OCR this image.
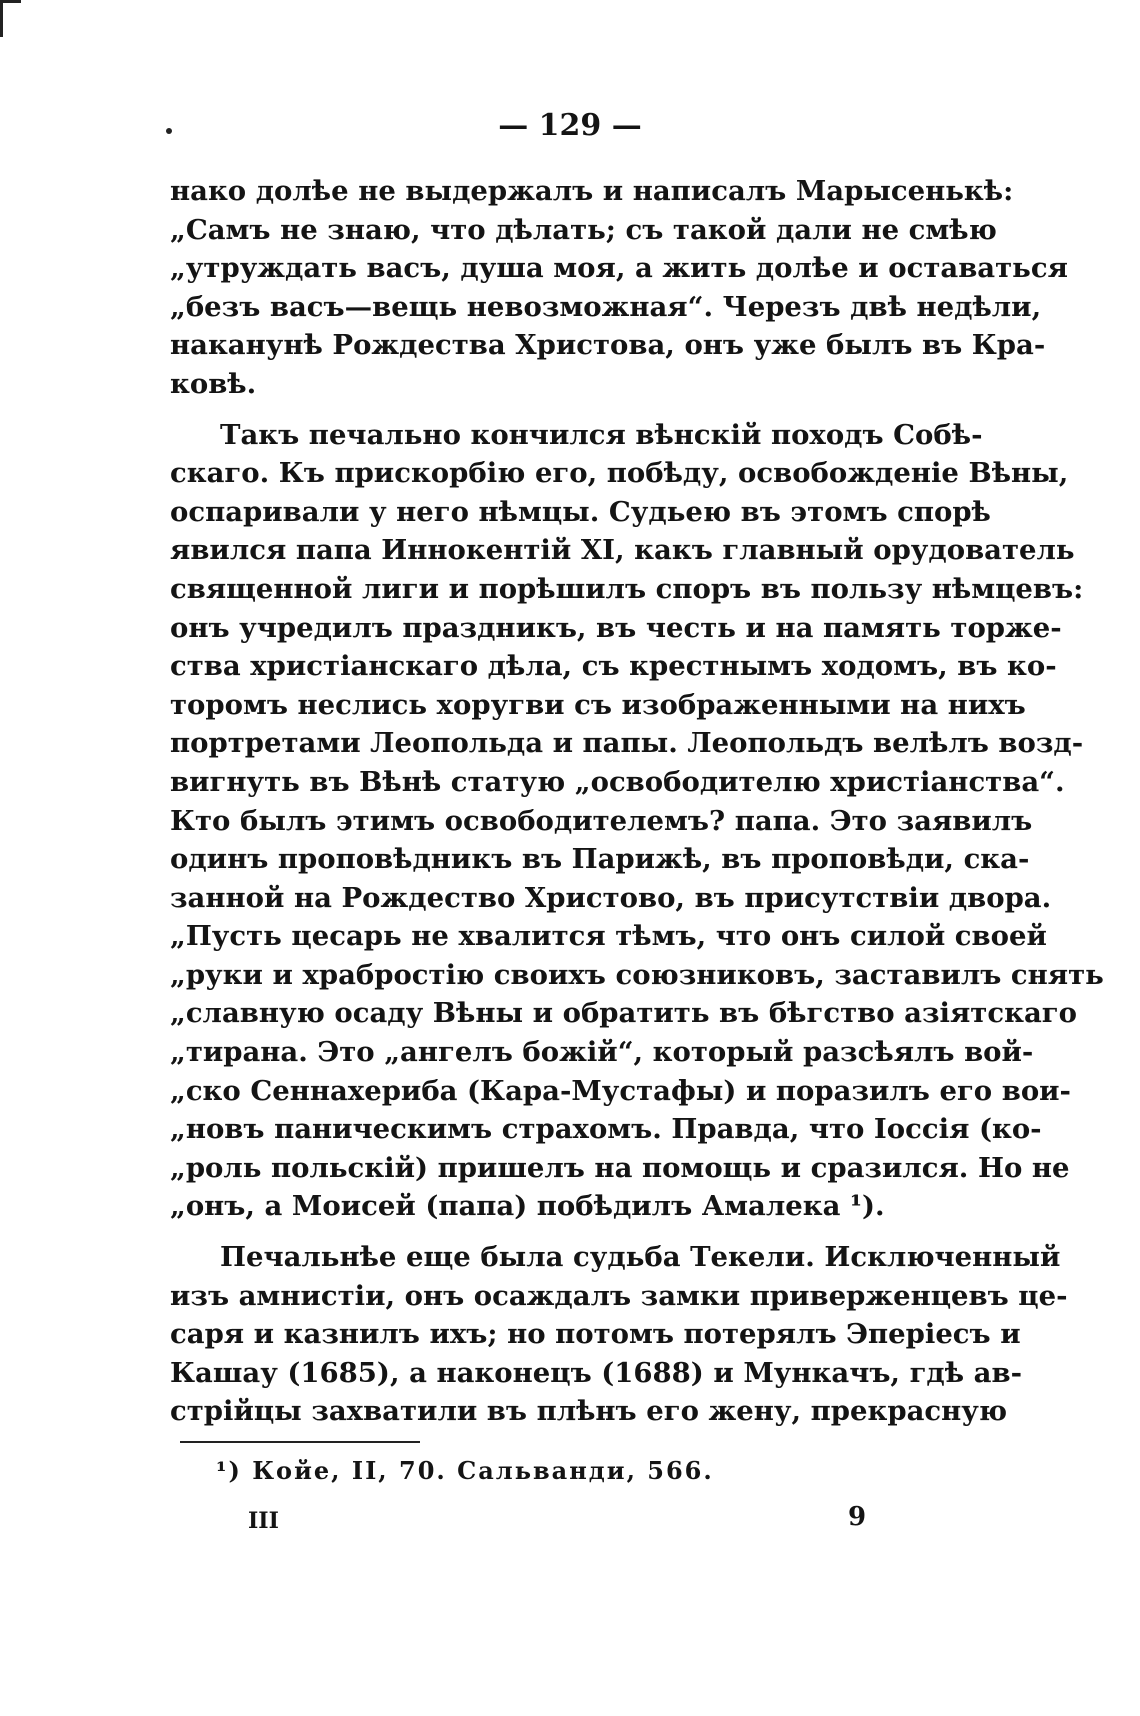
— 129 —
нако долѣе не выдержалъ и написалъ Марысенькѣ:
„Самъ не знаю, что дѣлать; съ такой дали не смѣю
„утруждать васъ, душа моя, а жить долѣе и оставаться
„безъ васъ—вещь невозможная“. Черезъ двѣ недѣли,
наканунѣ Рождества Христова, онъ уже былъ въ Кра-
ковѣ.
Такъ печально кончился вѣнскій походъ Собѣ-
скаго. Къ прискорбію его, побѣду, освобожденіе Вѣны,
оспаривали у него нѣмцы. Судьею въ этомъ спорѣ
явился папа Иннокентій XI, какъ главный орудователь
священной лиги и порѣшилъ споръ въ пользу нѣмцевъ:
онъ учредилъ праздникъ, въ честь и на память торже-
ства христіанскаго дѣла, съ крестнымъ ходомъ, въ ко-
торомъ неслись хоругви съ изображенными на нихъ
портретами Леопольда и папы. Леопольдъ велѣлъ возд-
вигнуть въ Вѣнѣ статую „освободителю христіанства“.
Кто былъ этимъ освободителемъ? папа. Это заявилъ
одинъ проповѣдникъ въ Парижѣ, въ проповѣди, ска-
занной на Рождество Христово, въ присутствіи двора.
„Пусть цесарь не хвалится тѣмъ, что онъ силой своей
„руки и храбростію своихъ союзниковъ, заставилъ снять
„славную осаду Вѣны и обратить въ бѣгство азіятскаго
„тирана. Это „ангелъ божій“, который разсѣялъ вой-
„ско Сеннахериба (Кара-Мустафы) и поразилъ его вои-
„новъ паническимъ страхомъ. Правда, что Іоссія (ко-
„роль польскій) пришелъ на помощь и сразился. Но не
„онъ, а Моисей (папа) побѣдилъ Амалека ¹).
Печальнѣе еще была судьба Текели. Исключенный
изъ амнистіи, онъ осаждалъ замки приверженцевъ це-
саря и казнилъ ихъ; но потомъ потерялъ Эперіесъ и
Кашау (1685), а наконецъ (1688) и Мункачъ, гдѣ ав-
стрійцы захватили въ плѣнъ его жену, прекрасную
¹) Койе, II, 70. Сальванди, 566.
III	9
